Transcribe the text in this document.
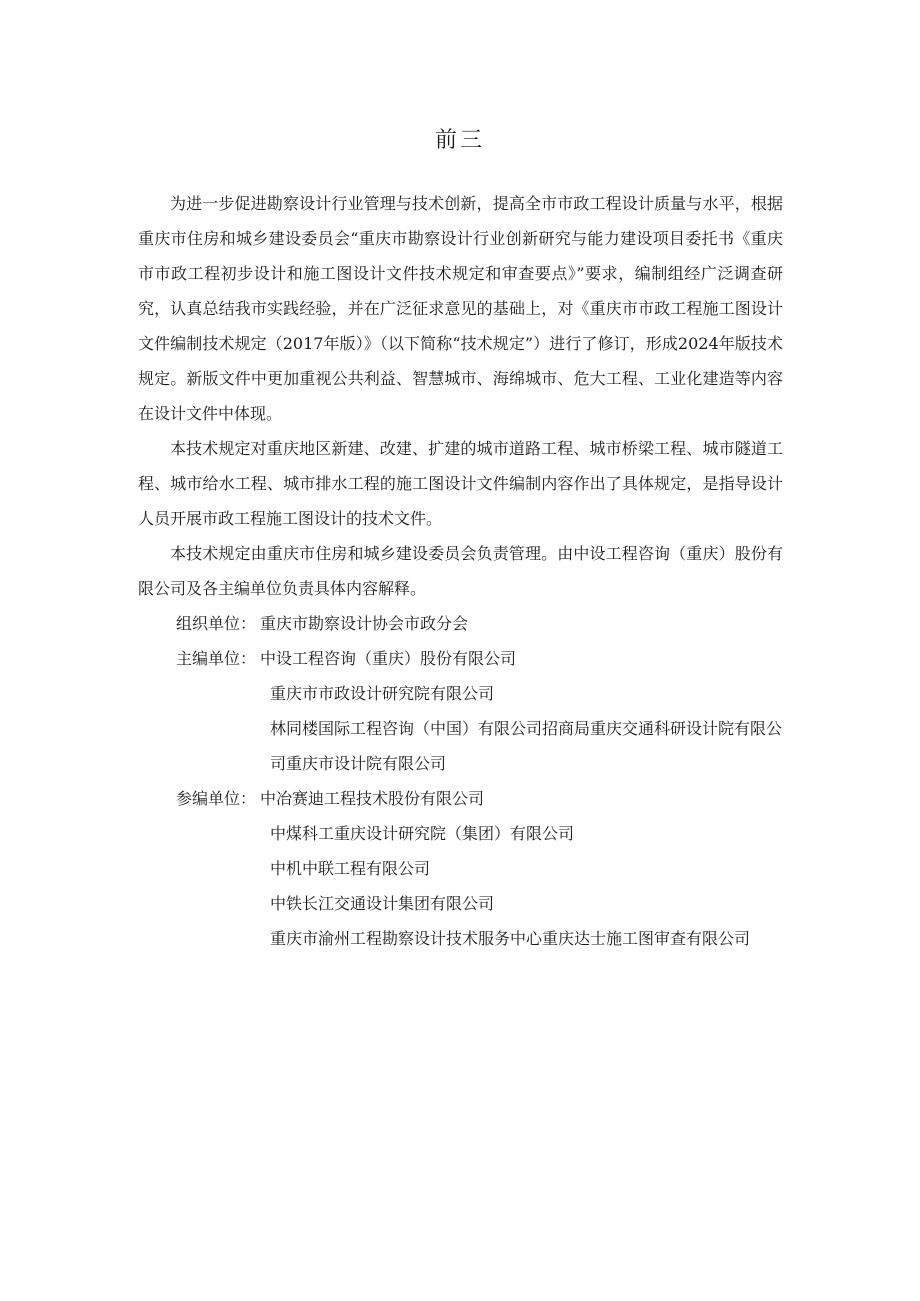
前三

为进一步促进勘察设计行业管理与技术创新，提高全市市政工程设计质量与水平，根据重庆市住房和城乡建设委员会“重庆市勘察设计行业创新研究与能力建设项目委托书《重庆市市政工程初步设计和施工图设计文件技术规定和审查要点》”要求，编制组经广泛调查研究，认真总结我市实践经验，并在广泛征求意见的基础上，对《重庆市市政工程施工图设计文件编制技术规定（2017年版）》（以下简称“技术规定”）进行了修订，形成2024年版技术规定。新版文件中更加重视公共利益、智慧城市、海绵城市、危大工程、工业化建造等内容在设计文件中体现。

本技术规定对重庆地区新建、改建、扩建的城市道路工程、城市桥梁工程、城市隧道工程、城市给水工程、城市排水工程的施工图设计文件编制内容作出了具体规定，是指导设计人员开展市政工程施工图设计的技术文件。

本技术规定由重庆市住房和城乡建设委员会负责管理。由中设工程咨询（重庆）股份有限公司及各主编单位负责具体内容解释。

组织单位： 重庆市勘察设计协会市政分会
主编单位： 中设工程咨询（重庆）股份有限公司

重庆市市政设计研究院有限公司

林同楼国际工程咨询（中国）有限公司招商局重庆交通科研设计院有限公司重庆市设计院有限公司

参编单位： 中冶赛迪工程技术股份有限公司

中煤科工重庆设计研究院（集团）有限公司

中机中联工程有限公司

中铁长江交通设计集团有限公司

重庆市渝州工程勘察设计技术服务中心重庆达士施工图审查有限公司
